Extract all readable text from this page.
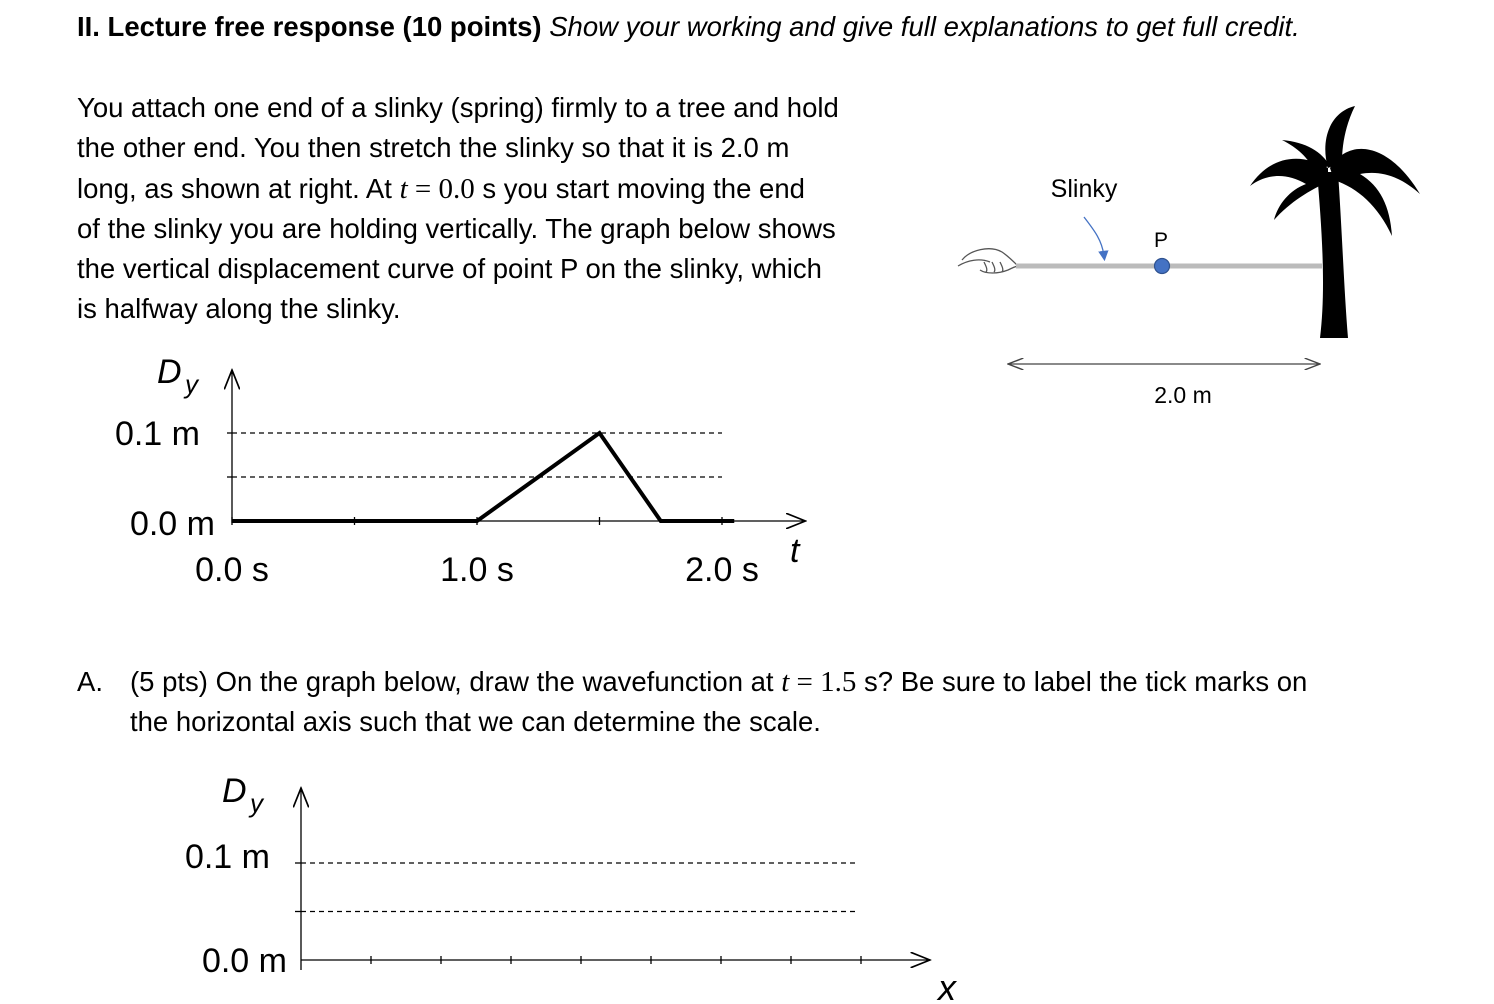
II. Lecture free response (10 points) Show your working and give full explanations to get full credit.
You attach one end of a slinky (spring) firmly to a tree and hold
the other end. You then stretch the slinky so that it is 2.0 m
long, as shown at right. At t = 0.0 s you start moving the end
of the slinky you are holding vertically. The graph below shows
the vertical displacement curve of point P on the slinky, which
is halfway along the slinky.
P
Slinky
2.0 m
D y
0.1 m
0.0 m
t
0.0 s	1.0 s	2.0 s
A. (5 pts) On the graph below, draw the wavefunction at t = 1.5 s? Be sure to label the tick marks on
the horizontal axis such that we can determine the scale.
D y
0.1 m
0.0 m
x
